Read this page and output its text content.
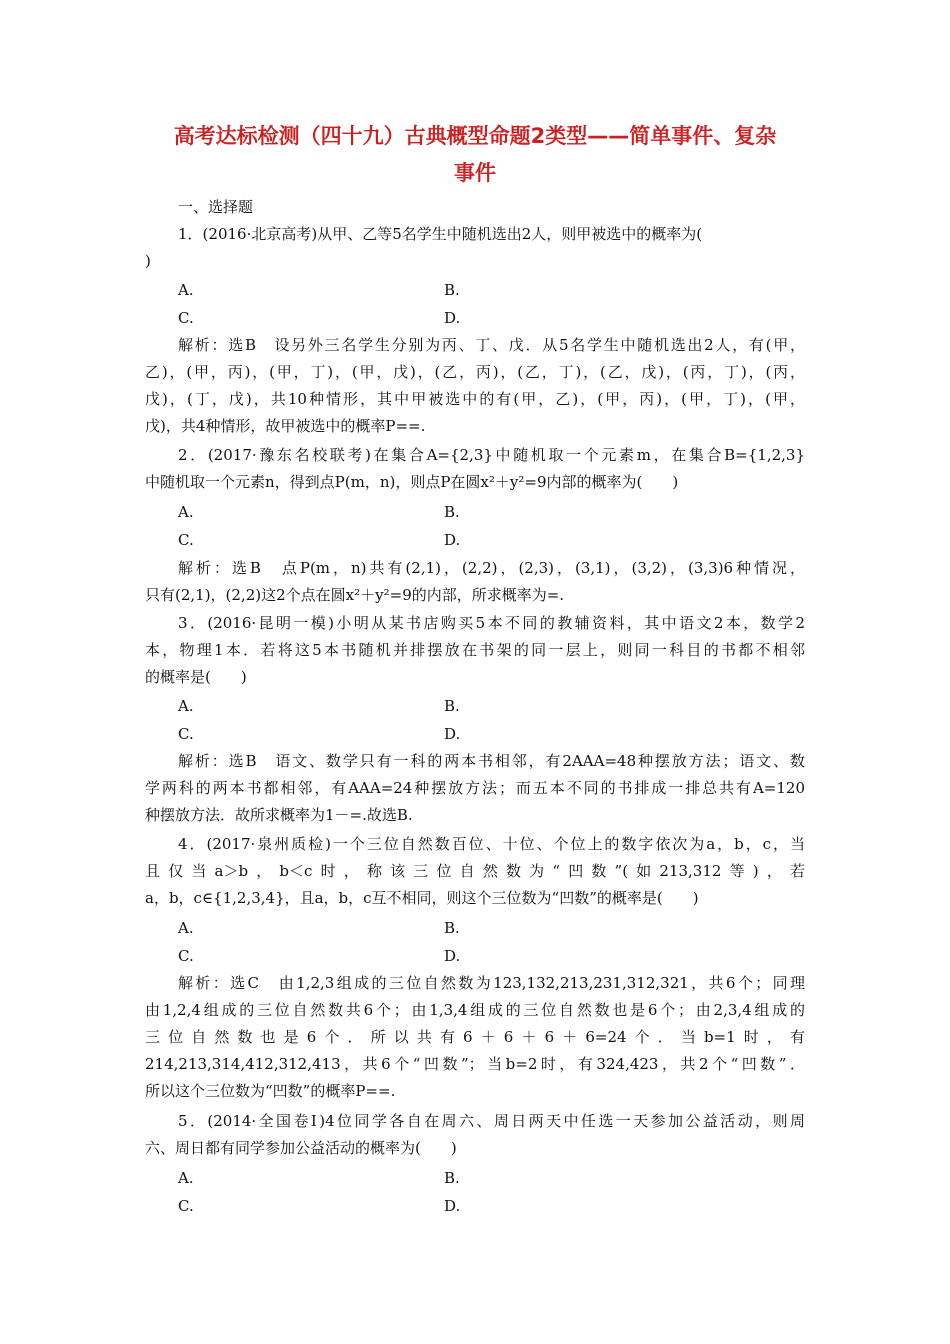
高考达标检测（四十九）古典概型命题2类型——简单事件、复杂
事件
一、选择题
1．(2016·北京高考)从甲、乙等5名学生中随机选出2人，则甲被选中的概率为(
)
A.	B.
C.	D.
解析：选B　设另外三名学生分别为丙、丁、戊．从5名学生中随机选出2人，有(甲，
乙)，(甲，丙)，(甲，丁)，(甲，戊)，(乙，丙)，(乙，丁)，(乙，戊)，(丙，丁)，(丙，
戊)，(丁，戊)，共10种情形，其中甲被选中的有(甲，乙)，(甲，丙)，(甲，丁)，(甲，
戊)，共4种情形，故甲被选中的概率P==.
2．(2017·豫东名校联考)在集合A={2,3}中随机取一个元素m，在集合B={1,2,3}
中随机取一个元素n，得到点P(m，n)，则点P在圆x²＋y²=9内部的概率为(　　)
A.	B.
C.	D.
解析：选B　点P(m，n)共有(2,1)，(2,2)，(2,3)，(3,1)，(3,2)，(3,3)6种情况，
只有(2,1)，(2,2)这2个点在圆x²＋y²=9的内部，所求概率为=.
3．(2016·昆明一模)小明从某书店购买5本不同的教辅资料，其中语文2本，数学2
本，物理1本．若将这5本书随机并排摆放在书架的同一层上，则同一科目的书都不相邻
的概率是(　　)
A.	B.
C.	D.
解析：选B　语文、数学只有一科的两本书相邻，有2AAA=48种摆放方法；语文、数
学两科的两本书都相邻，有AAA=24种摆放方法；而五本不同的书排成一排总共有A=120
种摆放方法．故所求概率为1－=.故选B.
4．(2017·泉州质检)一个三位自然数百位、十位、个位上的数字依次为a，b，c，当
且仅当a＞b，b＜c时，称该三位自然数为“凹数”(如213,312等)，若
a，b，c∈{1,2,3,4}，且a，b，c互不相同，则这个三位数为“凹数”的概率是(　　)
A.	B.
C.	D.
解析：选C　由1,2,3组成的三位自然数为123,132,213,231,312,321，共6个；同理
由1,2,4组成的三位自然数共6个；由1,3,4组成的三位自然数也是6个；由2,3,4组成的
三位自然数也是6个．所以共有6＋6＋6＋6=24个．当b=1时，有
214,213,314,412,312,413，共6个“凹数”；当b=2时，有324,423，共2个“凹数”．
所以这个三位数为“凹数”的概率P==.
5．(2014·全国卷Ⅰ)4位同学各自在周六、周日两天中任选一天参加公益活动，则周
六、周日都有同学参加公益活动的概率为(　　)
A.	B.
C.	D.
